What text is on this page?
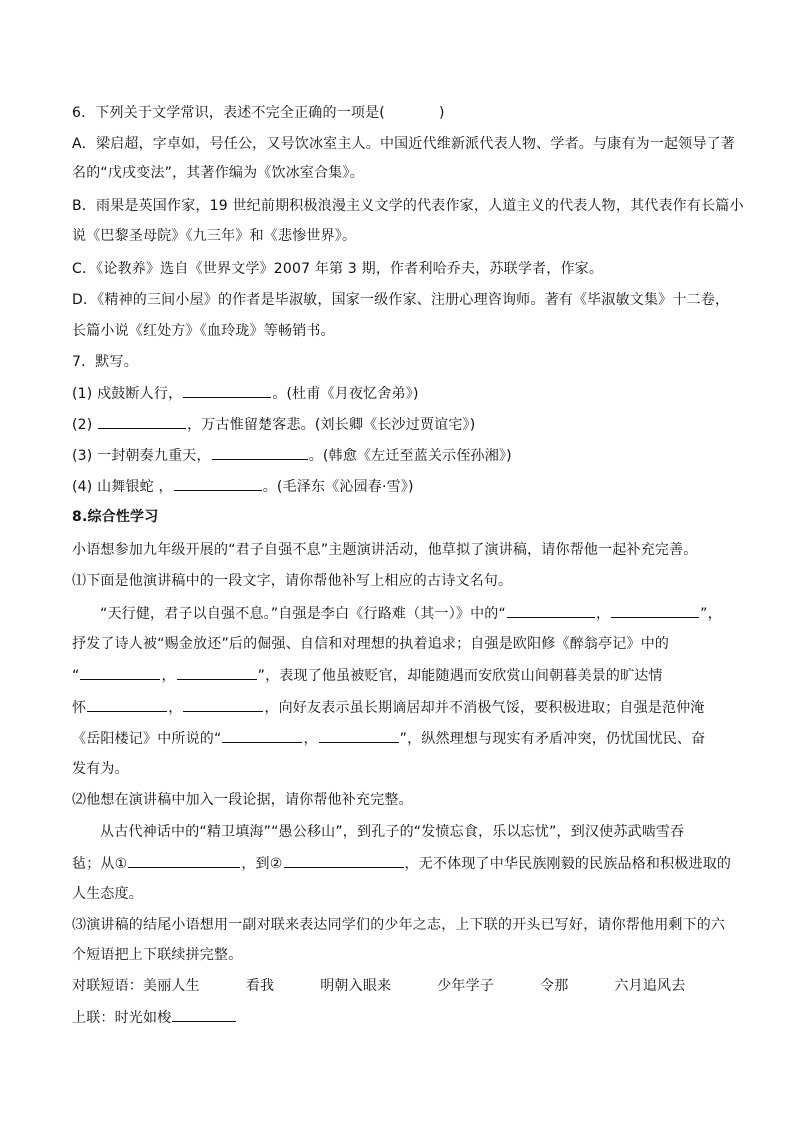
6．下列关于文学常识，表述不完全正确的一项是(	)
A．梁启超，字卓如，号任公，又号饮冰室主人。中国近代维新派代表人物、学者。与康有为一起领导了著
名的“戊戌变法”，其著作编为《饮冰室合集》。
B．雨果是英国作家，19 世纪前期积极浪漫主义文学的代表作家，人道主义的代表人物，其代表作有长篇小
说《巴黎圣母院》《九三年》和《悲惨世界》。
C．《论教养》选自《世界文学》2007 年第 3 期，作者利哈乔夫，苏联学者，作家。
D．《精神的三间小屋》的作者是毕淑敏，国家一级作家、注册心理咨询师。著有《毕淑敏文集》十二卷，
长篇小说《红处方》《血玲珑》等畅销书。
7．默写。
(1) 戍鼓断人行，	。(杜甫《月夜忆舍弟》)
(2)	，万古惟留楚客悲。(刘长卿《长沙过贾谊宅》)
(3) 一封朝奏九重天，	。(韩愈《左迁至蓝关示侄孙湘》)
(4) 山舞银蛇 ，	。(毛泽东《沁园春·雪》)
8.综合性学习
小语想参加九年级开展的“君子自强不息”主题演讲活动，他草拟了演讲稿，请你帮他一起补充完善。
⑴下面是他演讲稿中的一段文字，请你帮他补写上相应的古诗文名句。
“天行健，君子以自强不息。”自强是李白《行路难（其一）》中的“	，	”，
抒发了诗人被“赐金放还”后的倔强、自信和对理想的执着追求；自强是欧阳修《醉翁亭记》中的
“	，	”，表现了他虽被贬官，却能随遇而安欣赏山间朝暮美景的旷达情
怀	，	，向好友表示虽长期谪居却并不消极气馁，要积极进取；自强是范仲淹
《岳阳楼记》中所说的“	，	”，纵然理想与现实有矛盾冲突，仍忧国忧民、奋
发有为。
⑵他想在演讲稿中加入一段论据，请你帮他补充完整。
从古代神话中的“精卫填海”“愚公移山”，到孔子的“发愤忘食，乐以忘忧”，到汉使苏武啮雪吞
毡；从①	，到②	，无不体现了中华民族刚毅的民族品格和积极进取的
人生态度。
⑶演讲稿的结尾小语想用一副对联来表达同学们的少年之志，上下联的开头已写好，请你帮他用剩下的六
个短语把上下联续拼完整。
对联短语：美丽人生	看我	明朝入眼来	少年学子	令那	六月追风去
上联：时光如梭
